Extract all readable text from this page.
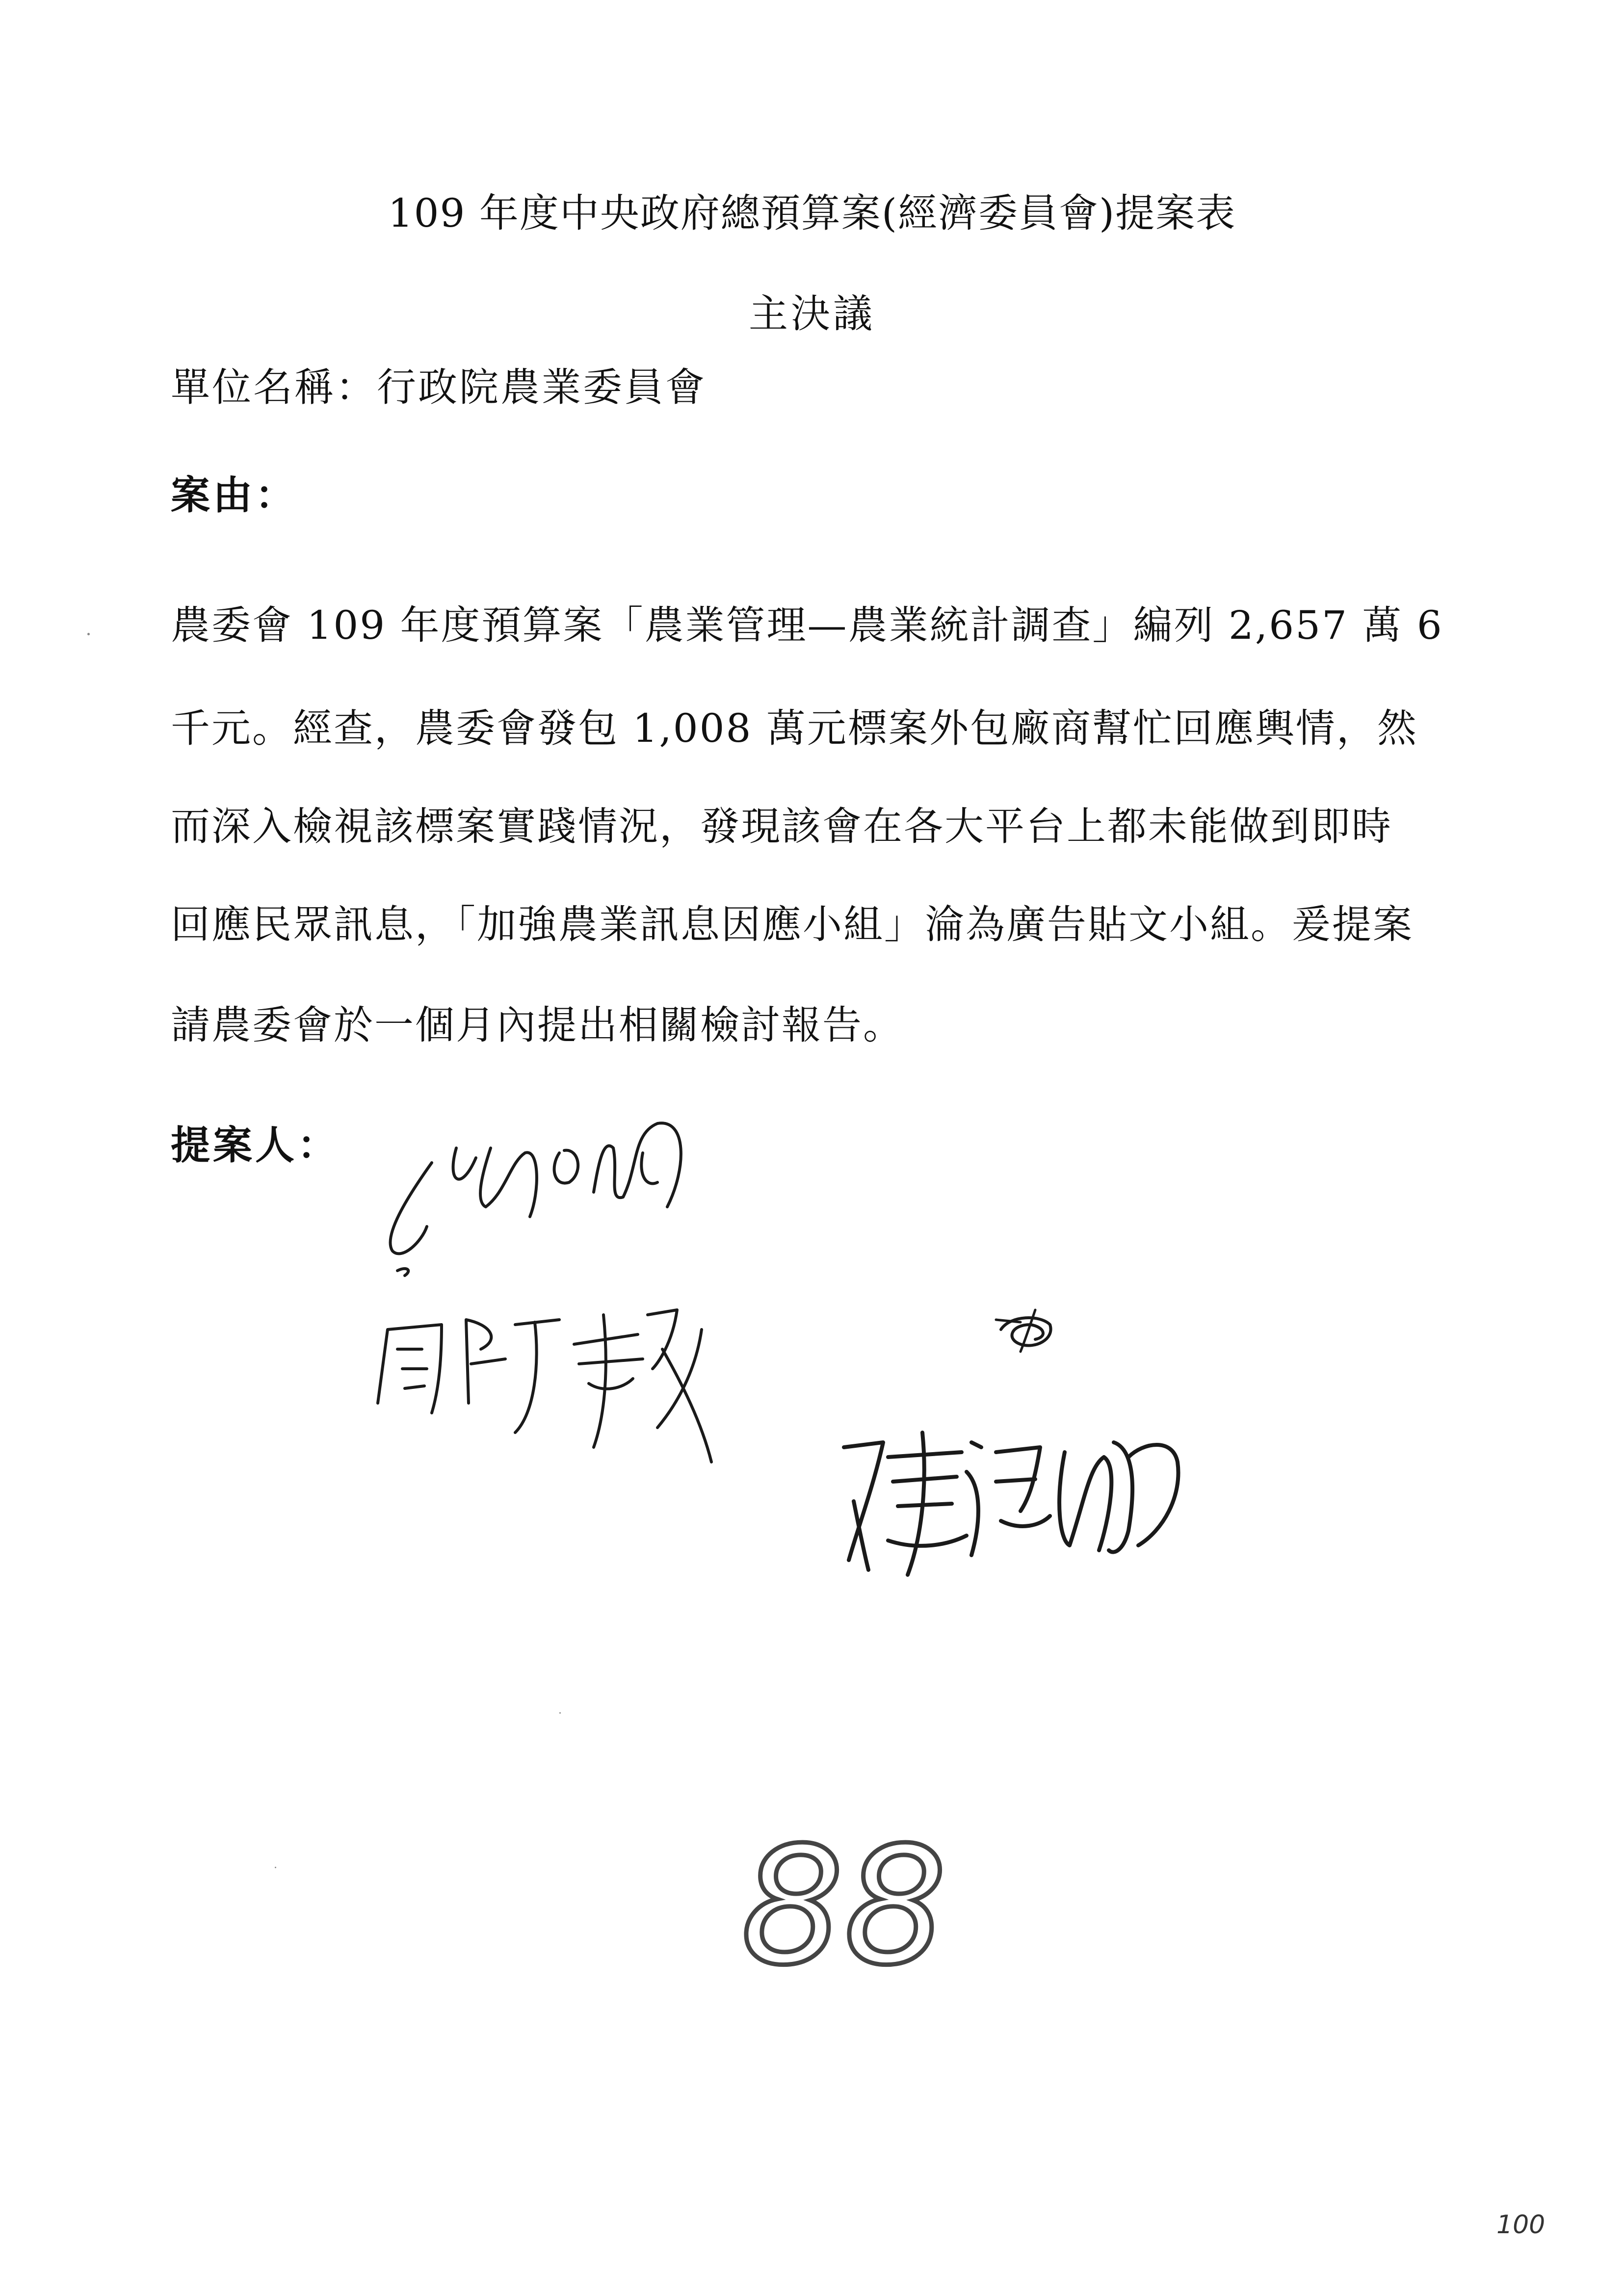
109 年度中央政府總預算案(經濟委員會)提案表
主決議
單位名稱：行政院農業委員會
案由：
農委會 109 年度預算案「農業管理—農業統計調查」編列 2,657 萬 6
千元。經查，農委會發包 1,008 萬元標案外包廠商幫忙回應輿情，然
而深入檢視該標案實踐情況，發現該會在各大平台上都未能做到即時
回應民眾訊息，「加強農業訊息因應小組」淪為廣告貼文小組。爰提案
請農委會於一個月內提出相關檢討報告。
提案人：
88
100
